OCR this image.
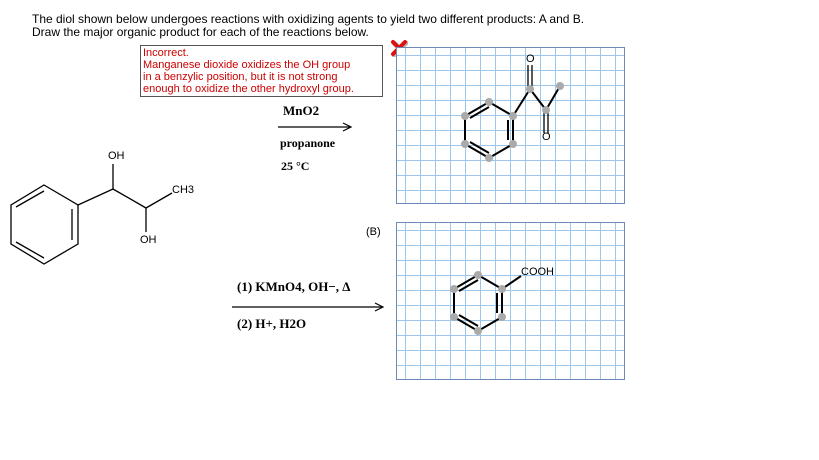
The diol shown below undergoes reactions with oxidizing agents to yield two different products: A and B.
Draw the major organic product for each of the reactions below.
Incorrect.
Manganese dioxide oxidizes the OH group
in a benzylic position, but it is not strong
enough to oxidize the other hydroxyl group.
OH
OH
CH3
MnO2
propanone
25 °C
(B)
(1) KMnO4, OH−, Δ
(2) H+, H2O
O
O
COOH
